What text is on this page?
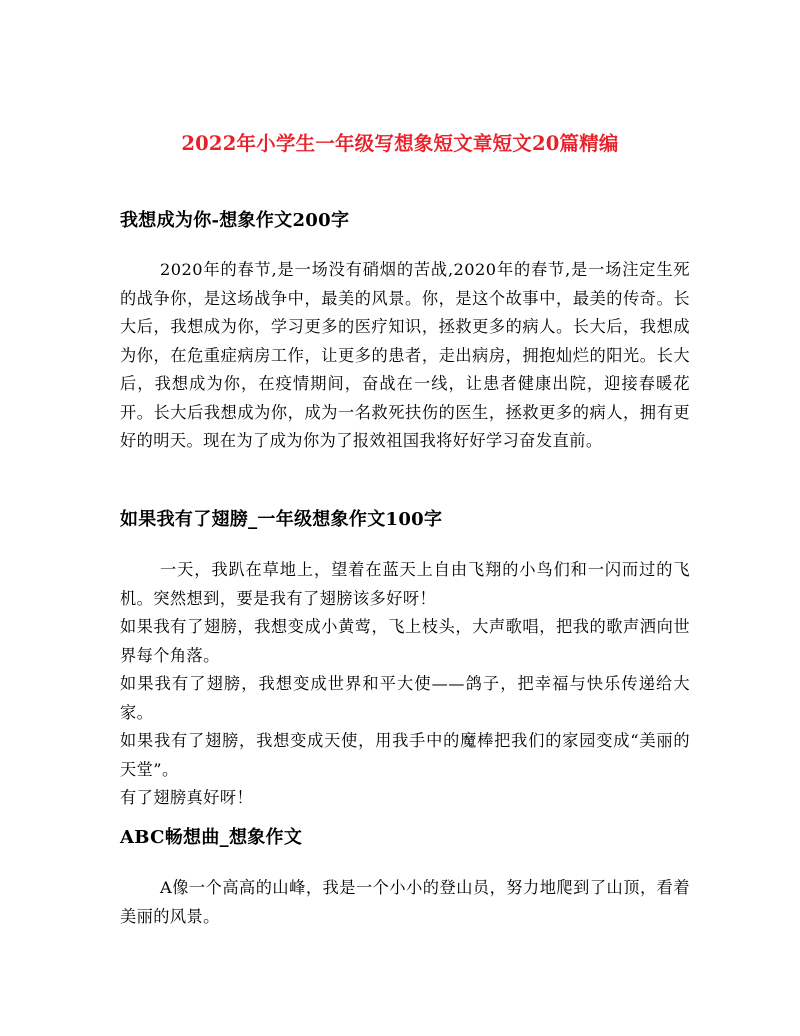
2022年小学生一年级写想象短文章短文20篇精编
我想成为你-想象作文200字

2020年的春节,是一场没有硝烟的苦战,2020年的春节,是一场注定生死的战争你，是这场战争中，最美的风景。你，是这个故事中，最美的传奇。长大后，我想成为你，学习更多的医疗知识，拯救更多的病人。长大后，我想成为你，在危重症病房工作，让更多的患者，走出病房，拥抱灿烂的阳光。长大后，我想成为你，在疫情期间，奋战在一线，让患者健康出院，迎接春暖花开。长大后我想成为你，成为一名救死扶伤的医生，拯救更多的病人，拥有更好的明天。现在为了成为你为了报效祖国我将好好学习奋发直前。

如果我有了翅膀_一年级想象作文100字

一天，我趴在草地上，望着在蓝天上自由飞翔的小鸟们和一闪而过的飞机。突然想到，要是我有了翅膀该多好呀！

如果我有了翅膀，我想变成小黄莺，飞上枝头，大声歌唱，把我的歌声洒向世界每个角落。

如果我有了翅膀，我想变成世界和平大使——鸽子，把幸福与快乐传递给大家。

如果我有了翅膀，我想变成天使，用我手中的魔棒把我们的家园变成“美丽的天堂”。

有了翅膀真好呀！

ABC畅想曲_想象作文

A像一个高高的山峰，我是一个小小的登山员，努力地爬到了山顶，看着美丽的风景。
